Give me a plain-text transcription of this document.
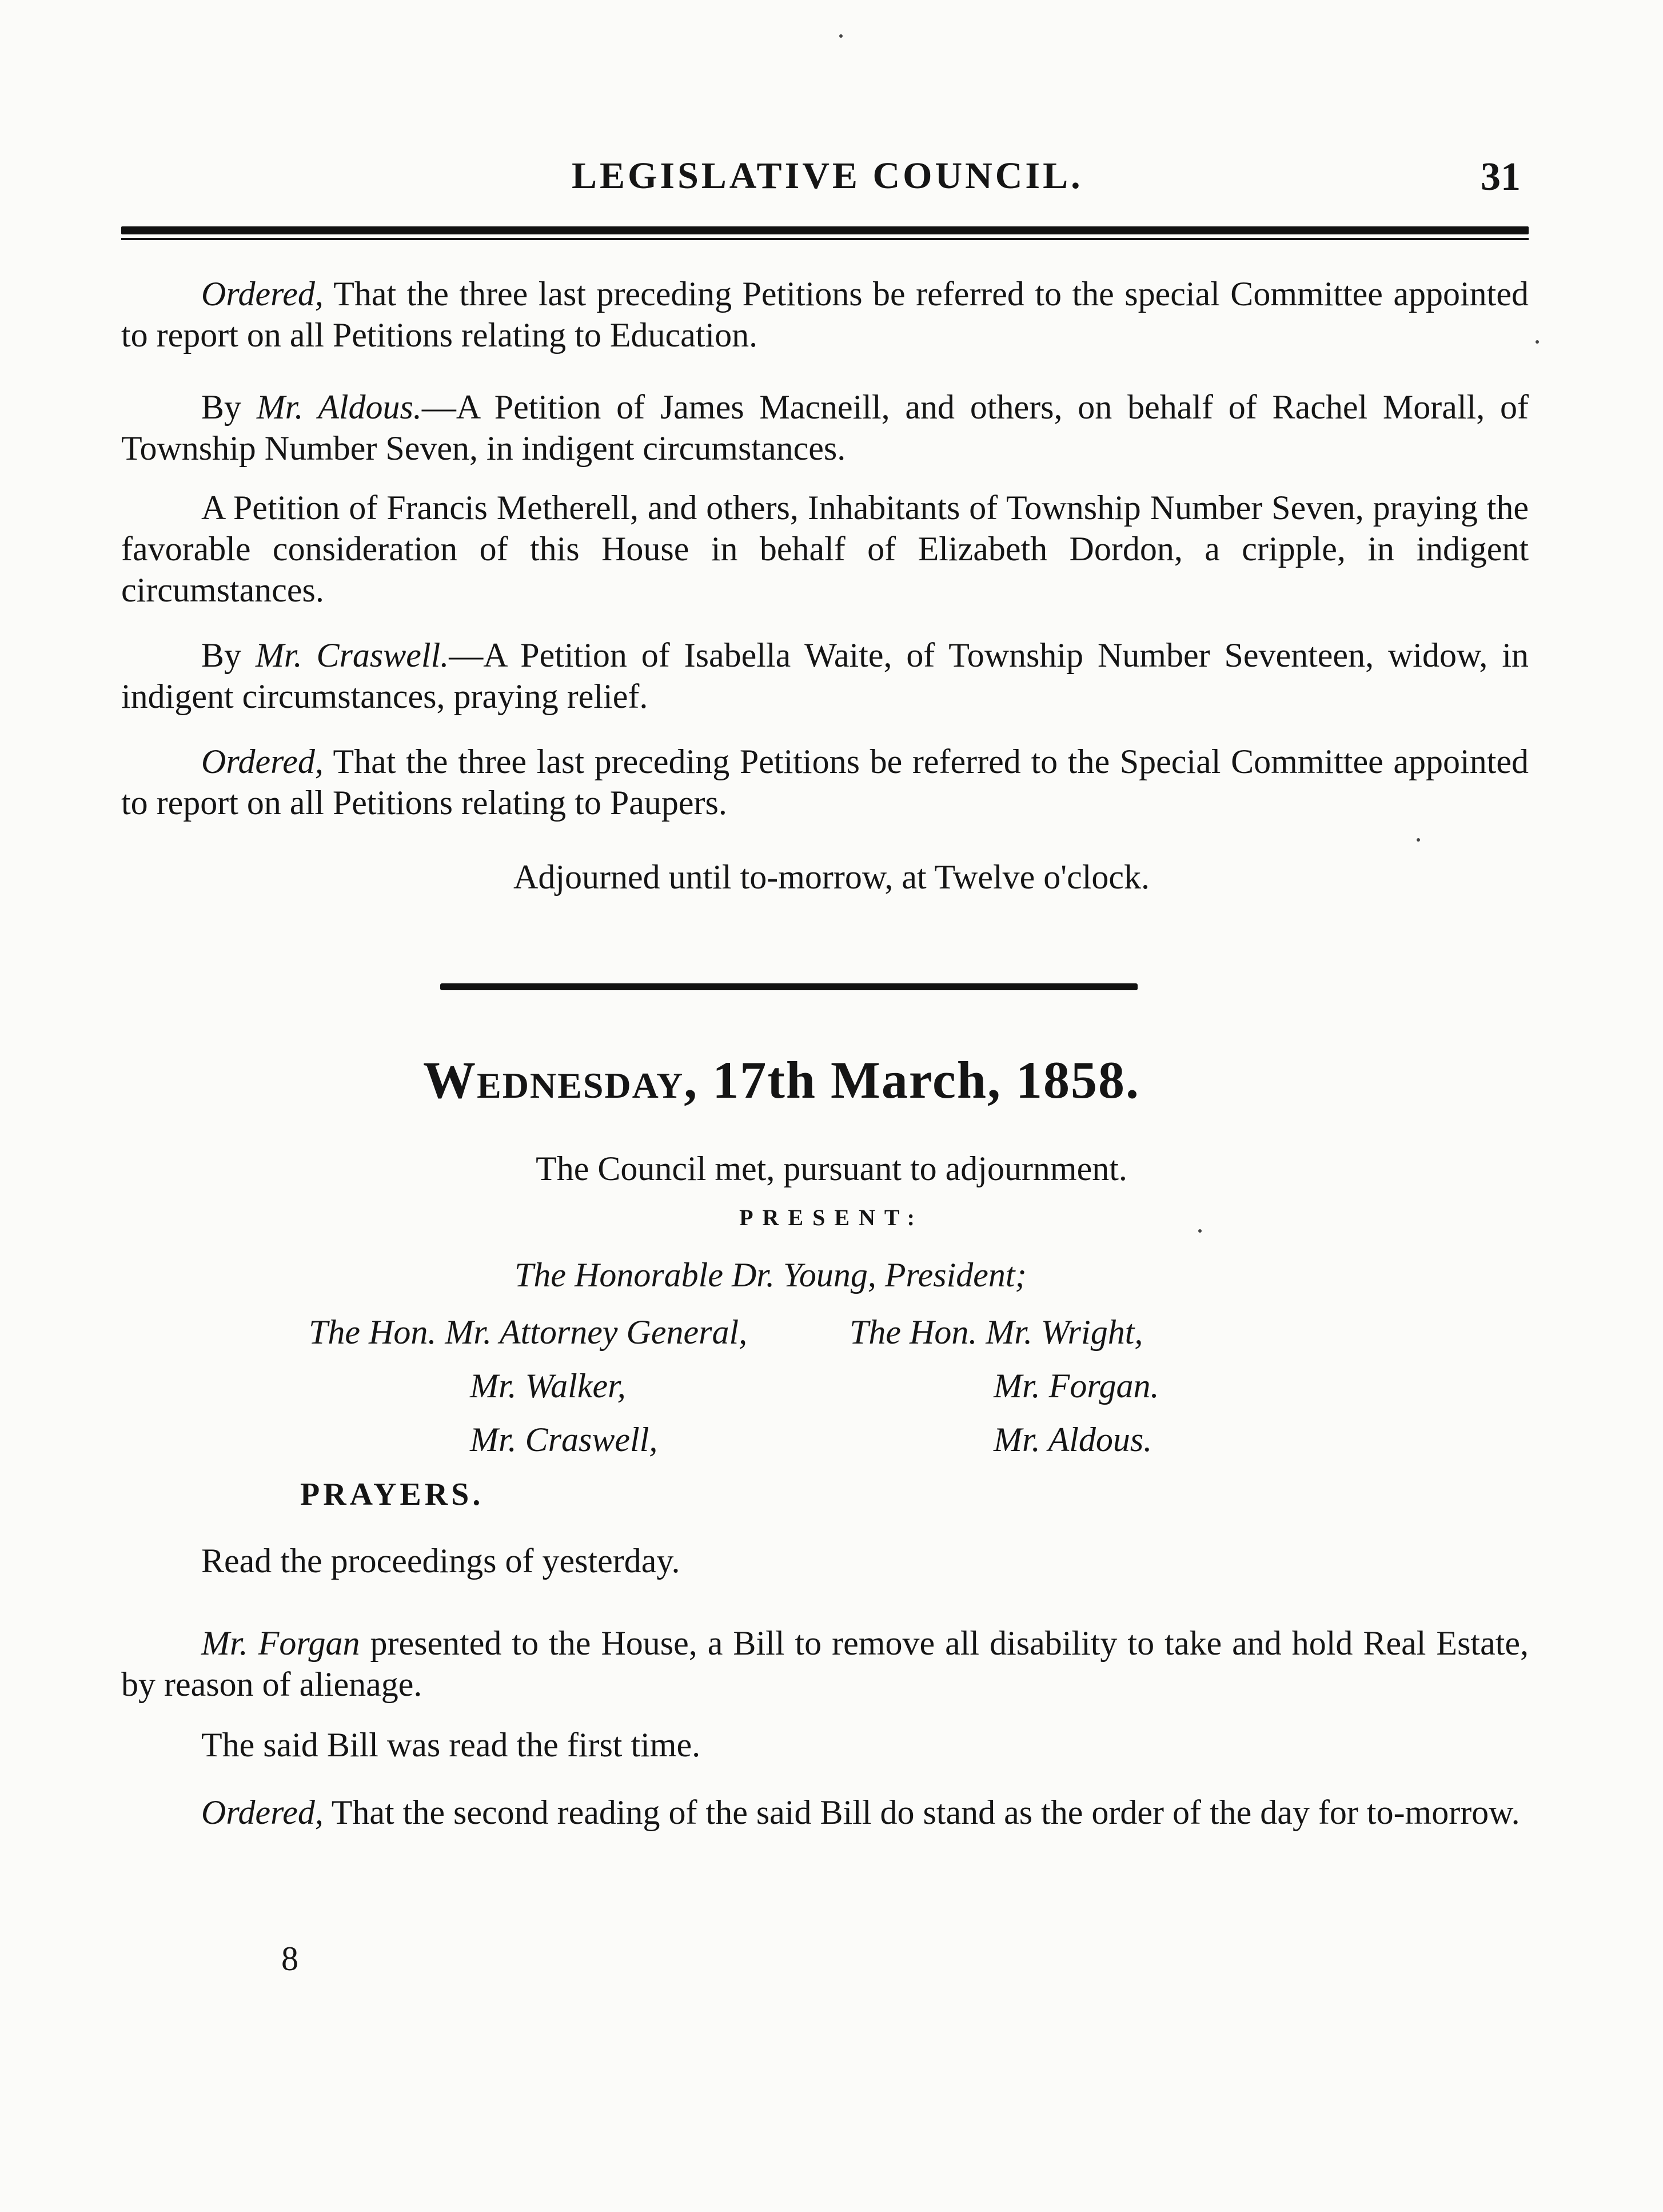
LEGISLATIVE COUNCIL.	31
Ordered, That the three last preceding Petitions be referred to the special Committee appointed to report on all Petitions relating to Education.
By Mr. Aldous.—A Petition of James Macneill, and others, on behalf of Rachel Morall, of Township Number Seven, in indigent circumstances.
A Petition of Francis Metherell, and others, Inhabitants of Township Number Seven, praying the favorable consideration of this House in behalf of Elizabeth Dordon, a cripple, in indigent circumstances.
By Mr. Craswell.—A Petition of Isabella Waite, of Township Number Seventeen, widow, in indigent circumstances, praying relief.
Ordered, That the three last preceding Petitions be referred to the Special Committee appointed to report on all Petitions relating to Paupers.
Adjourned until to-morrow, at Twelve o'clock.
Wednesday, 17th March, 1858.
The Council met, pursuant to adjournment.
PRESENT:
The Honorable Dr. Young, President;
The Hon. Mr. Attorney General,
Mr. Walker,
Mr. Craswell,
The Hon. Mr. Wright,
Mr. Forgan.
Mr. Aldous.
PRAYERS.
Read the proceedings of yesterday.
Mr. Forgan presented to the House, a Bill to remove all disability to take and hold Real Estate, by reason of alienage.
The said Bill was read the first time.
Ordered, That the second reading of the said Bill do stand as the order of the day for to-morrow.
8
